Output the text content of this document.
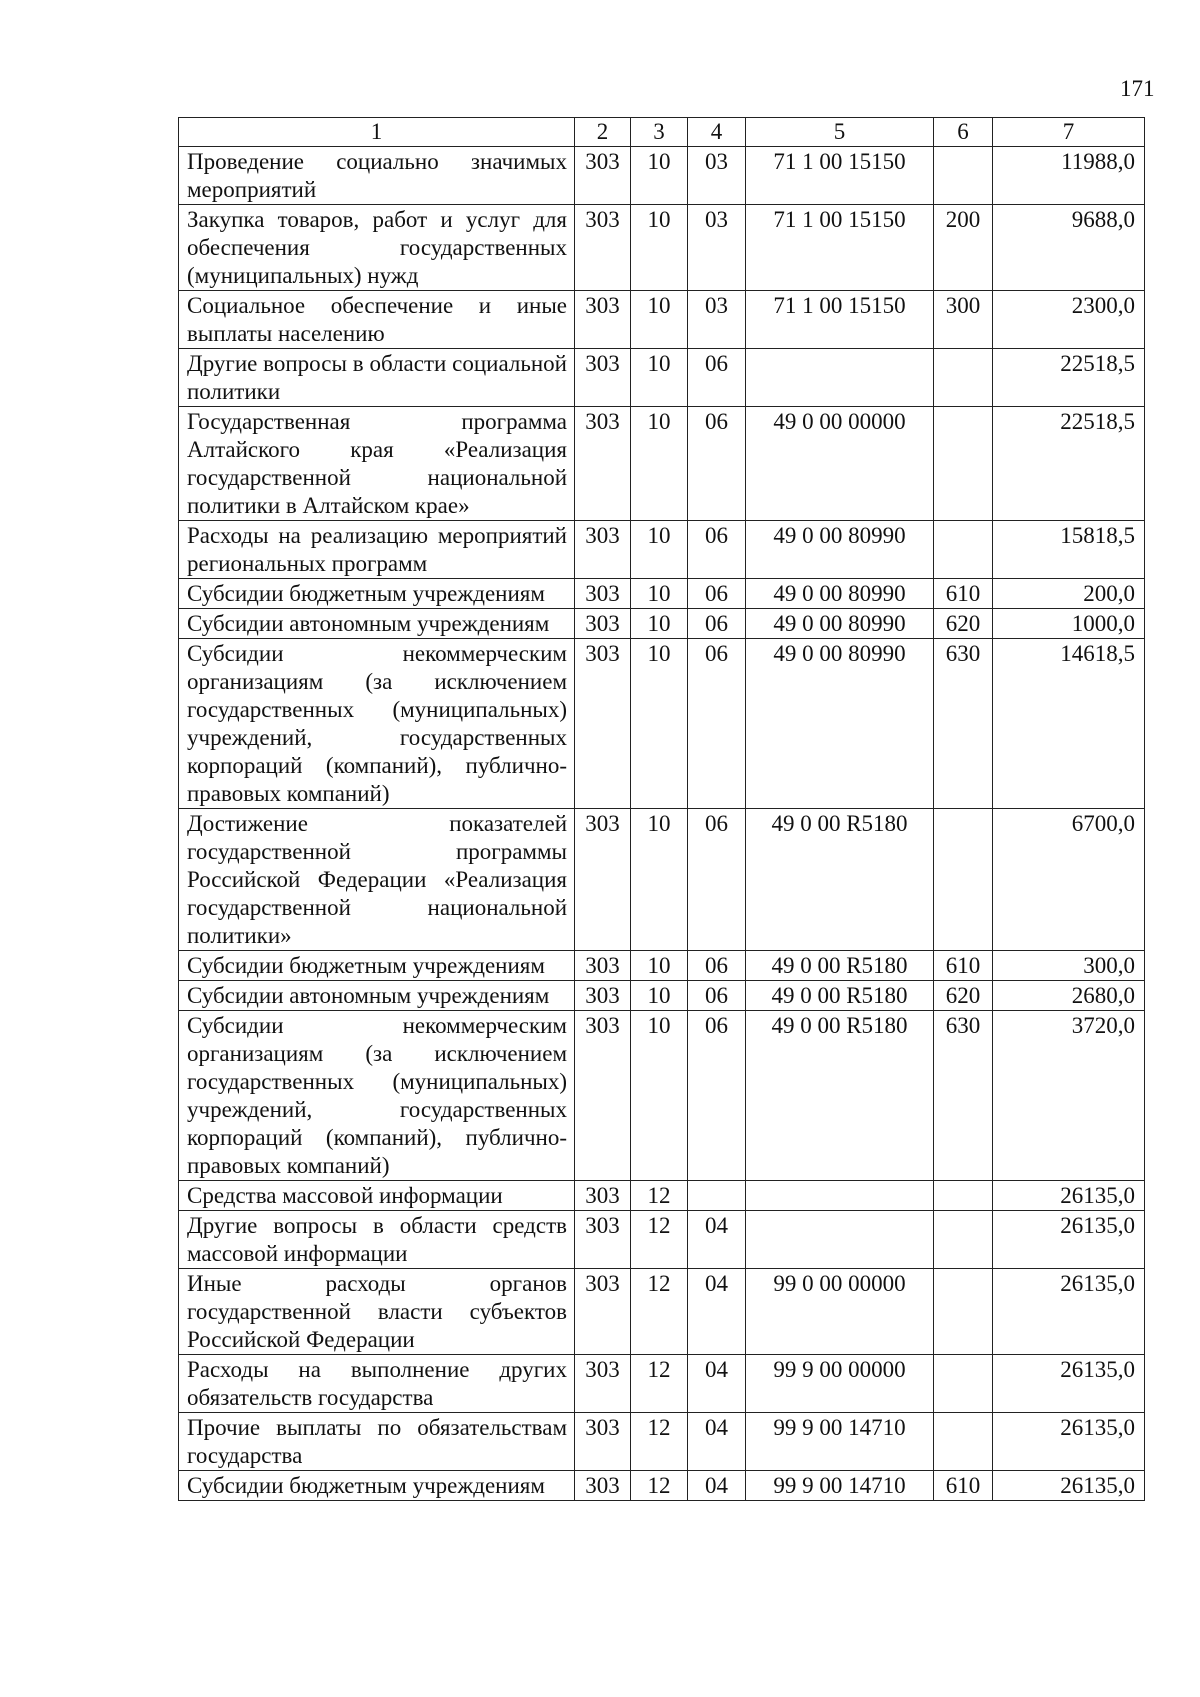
171
1	2	3	4	5	6	7
Проведение социально значимых мероприятий	303	10	03	71 1 00 15150		11988,0
Закупка товаров, работ и услуг для обеспечения государственных (муниципальных) нужд	303	10	03	71 1 00 15150	200	9688,0
Социальное обеспечение и иные выплаты населению	303	10	03	71 1 00 15150	300	2300,0
Другие вопросы в области социальной политики	303	10	06			22518,5
Государственная программа Алтайского края «Реализация государственной национальной политики в Алтайском крае»	303	10	06	49 0 00 00000		22518,5
Расходы на реализацию мероприятий региональных программ	303	10	06	49 0 00 80990		15818,5
Субсидии бюджетным учреждениям	303	10	06	49 0 00 80990	610	200,0
Субсидии автономным учреждениям	303	10	06	49 0 00 80990	620	1000,0
Субсидии некоммерческим организациям (за исключением государственных (муниципальных) учреждений, государственных корпораций (компаний), публично-правовых компаний)	303	10	06	49 0 00 80990	630	14618,5
Достижение показателей государственной программы Российской Федерации «Реализация государственной национальной политики»	303	10	06	49 0 00 R5180		6700,0
Субсидии бюджетным учреждениям	303	10	06	49 0 00 R5180	610	300,0
Субсидии автономным учреждениям	303	10	06	49 0 00 R5180	620	2680,0
Субсидии некоммерческим организациям (за исключением государственных (муниципальных) учреждений, государственных корпораций (компаний), публично-правовых компаний)	303	10	06	49 0 00 R5180	630	3720,0
Средства массовой информации	303	12				26135,0
Другие вопросы в области средств массовой информации	303	12	04			26135,0
Иные расходы органов государственной власти субъектов Российской Федерации	303	12	04	99 0 00 00000		26135,0
Расходы на выполнение других обязательств государства	303	12	04	99 9 00 00000		26135,0
Прочие выплаты по обязательствам государства	303	12	04	99 9 00 14710		26135,0
Субсидии бюджетным учреждениям	303	12	04	99 9 00 14710	610	26135,0
